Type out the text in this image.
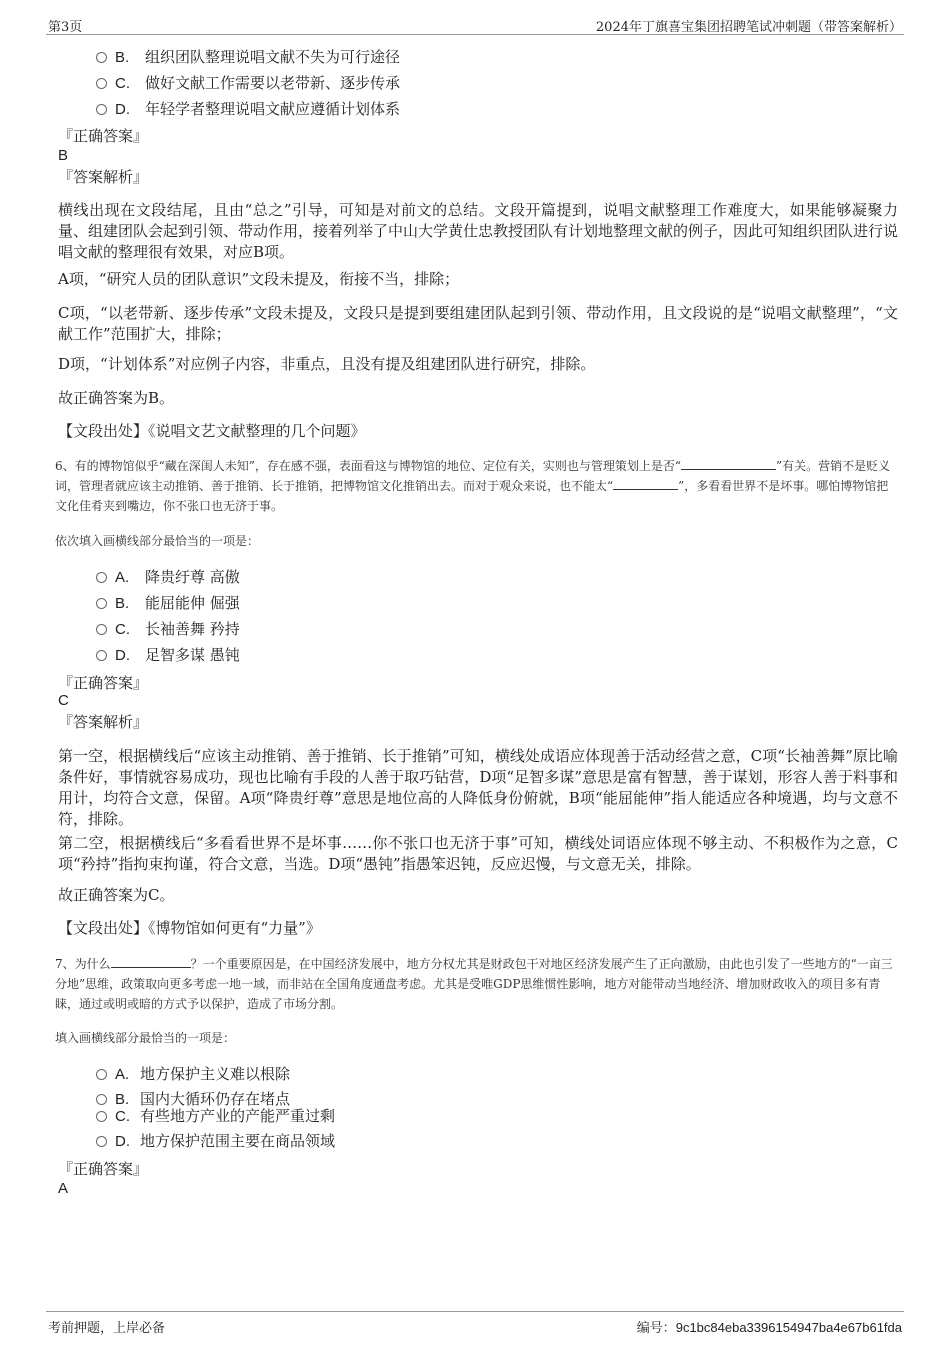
第3页	2024年丁旗喜宝集团招聘笔试冲刺题（带答案解析）
B. 组织团队整理说唱文献不失为可行途径
C. 做好文献工作需要以老带新、逐步传承
D. 年轻学者整理说唱文献应遵循计划体系
『正确答案』
B
『答案解析』
横线出现在文段结尾，且由“总之”引导，可知是对前文的总结。文段开篇提到，说唱文献整理工作难度大，如果能够凝聚力量、组建团队会起到引领、带动作用，接着列举了中山大学黄仕忠教授团队有计划地整理文献的例子，因此可知组织团队进行说唱文献的整理很有效果，对应B项。
A项，“研究人员的团队意识”文段未提及，衔接不当，排除；
C项，“以老带新、逐步传承”文段未提及，文段只是提到要组建团队起到引领、带动作用，且文段说的是“说唱文献整理”，“文献工作”范围扩大，排除；
D项，“计划体系”对应例子内容，非重点，且没有提及组建团队进行研究，排除。
故正确答案为B。
【文段出处】《说唱文艺文献整理的几个问题》
6、有的博物馆似乎“藏在深闺人未知”，存在感不强，表面看这与博物馆的地位、定位有关，实则也与管理策划上是否“	”有关。营销不是贬义词，管理者就应该主动推销、善于推销、长于推销，把博物馆文化推销出去。而对于观众来说，也不能太“	”，多看看世界不是坏事。哪怕博物馆把文化佳肴夹到嘴边，你不张口也无济于事。
依次填入画横线部分最恰当的一项是：
A. 降贵纡尊 高傲
B. 能屈能伸 倔强
C. 长袖善舞 矜持
D. 足智多谋 愚钝
『正确答案』
C
『答案解析』
第一空，根据横线后“应该主动推销、善于推销、长于推销”可知，横线处成语应体现善于活动经营之意，C项“长袖善舞”原比喻条件好，事情就容易成功，现也比喻有手段的人善于取巧钻营，D项“足智多谋”意思是富有智慧，善于谋划，形容人善于料事和用计，均符合文意，保留。A项“降贵纡尊”意思是地位高的人降低身份俯就，B项“能屈能伸”指人能适应各种境遇，均与文意不符，排除。
第二空，根据横线后“多看看世界不是坏事……你不张口也无济于事”可知，横线处词语应体现不够主动、不积极作为之意，C项“矜持”指拘束拘谨，符合文意，当选。D项“愚钝”指愚笨迟钝，反应迟慢，与文意无关，排除。
故正确答案为C。
【文段出处】《博物馆如何更有“力量”》
7、为什么	？一个重要原因是，在中国经济发展中，地方分权尤其是财政包干对地区经济发展产生了正向激励，由此也引发了一些地方的“一亩三分地”思维，政策取向更多考虑一地一域，而非站在全国角度通盘考虑。尤其是受唯GDP思维惯性影响，地方对能带动当地经济、增加财政收入的项目多有青睐，通过或明或暗的方式予以保护，造成了市场分割。
填入画横线部分最恰当的一项是：
A. 地方保护主义难以根除
B. 国内大循环仍存在堵点
C. 有些地方产业的产能严重过剩
D. 地方保护范围主要在商品领域
『正确答案』
A
考前押题，上岸必备	编号：9c1bc84eba3396154947ba4e67b61fda
